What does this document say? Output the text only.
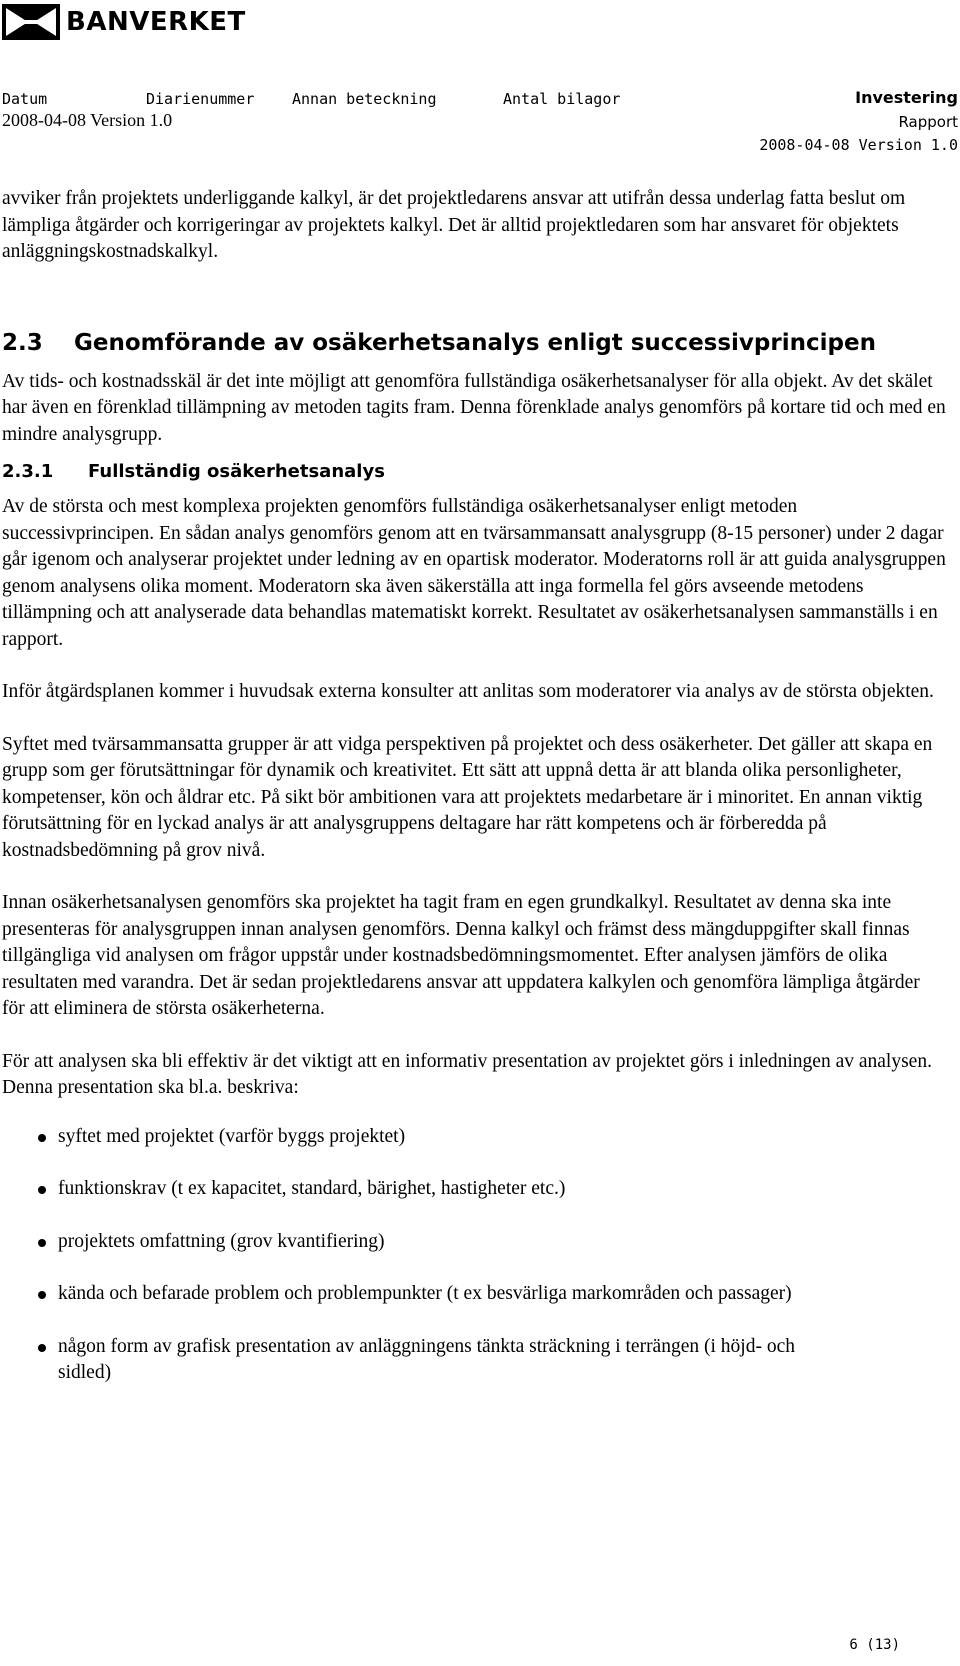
BANVERKET
Datum	Diarienummer	Annan beteckning	Antal bilagor
2008-04-08 Version 1.0
Investering
Rapport
2008-04-08 Version 1.0

avviker från projektets underliggande kalkyl, är det projektledarens ansvar att utifrån dessa underlag fatta beslut om lämpliga åtgärder och korrigeringar av projektets kalkyl. Det är alltid projektledaren som har ansvaret för objektets anläggningskostnadskalkyl.

2.3	Genomförande av osäkerhetsanalys enligt successivprincipen

Av tids- och kostnadsskäl är det inte möjligt att genomföra fullständiga osäkerhetsanalyser för alla objekt. Av det skälet har även en förenklad tillämpning av metoden tagits fram. Denna förenklade analys genomförs på kortare tid och med en mindre analysgrupp.

2.3.1	Fullständig osäkerhetsanalys

Av de största och mest komplexa projekten genomförs fullständiga osäkerhetsanalyser enligt metoden successivprincipen. En sådan analys genomförs genom att en tvärsammansatt analysgrupp (8-15 personer) under 2 dagar går igenom och analyserar projektet under ledning av en opartisk moderator. Moderatorns roll är att guida analysgruppen genom analysens olika moment. Moderatorn ska även säkerställa att inga formella fel görs avseende metodens tillämpning och att analyserade data behandlas matematiskt korrekt. Resultatet av osäkerhetsanalysen sammanställs i en rapport.

Inför åtgärdsplanen kommer i huvudsak externa konsulter att anlitas som moderatorer via analys av de största objekten.

Syftet med tvärsammansatta grupper är att vidga perspektiven på projektet och dess osäkerheter. Det gäller att skapa en grupp som ger förutsättningar för dynamik och kreativitet. Ett sätt att uppnå detta är att blanda olika personligheter, kompetenser, kön och åldrar etc. På sikt bör ambitionen vara att projektets medarbetare är i minoritet. En annan viktig förutsättning för en lyckad analys är att analysgruppens deltagare har rätt kompetens och är förberedda på kostnadsbedömning på grov nivå.

Innan osäkerhetsanalysen genomförs ska projektet ha tagit fram en egen grundkalkyl. Resultatet av denna ska inte presenteras för analysgruppen innan analysen genomförs. Denna kalkyl och främst dess mängduppgifter skall finnas tillgängliga vid analysen om frågor uppstår under kostnadsbedömningsmomentet. Efter analysen jämförs de olika resultaten med varandra. Det är sedan projektledarens ansvar att uppdatera kalkylen och genomföra lämpliga åtgärder för att eliminera de största osäkerheterna.

För att analysen ska bli effektiv är det viktigt att en informativ presentation av projektet görs i inledningen av analysen. Denna presentation ska bl.a. beskriva:

syftet med projektet (varför byggs projektet)
funktionskrav (t ex kapacitet, standard, bärighet, hastigheter etc.)
projektets omfattning (grov kvantifiering)
kända och befarade problem och problempunkter (t ex besvärliga markområden och passager)
någon form av grafisk presentation av anläggningens tänkta sträckning i terrängen (i höjd- och sidled)
6 (13)
